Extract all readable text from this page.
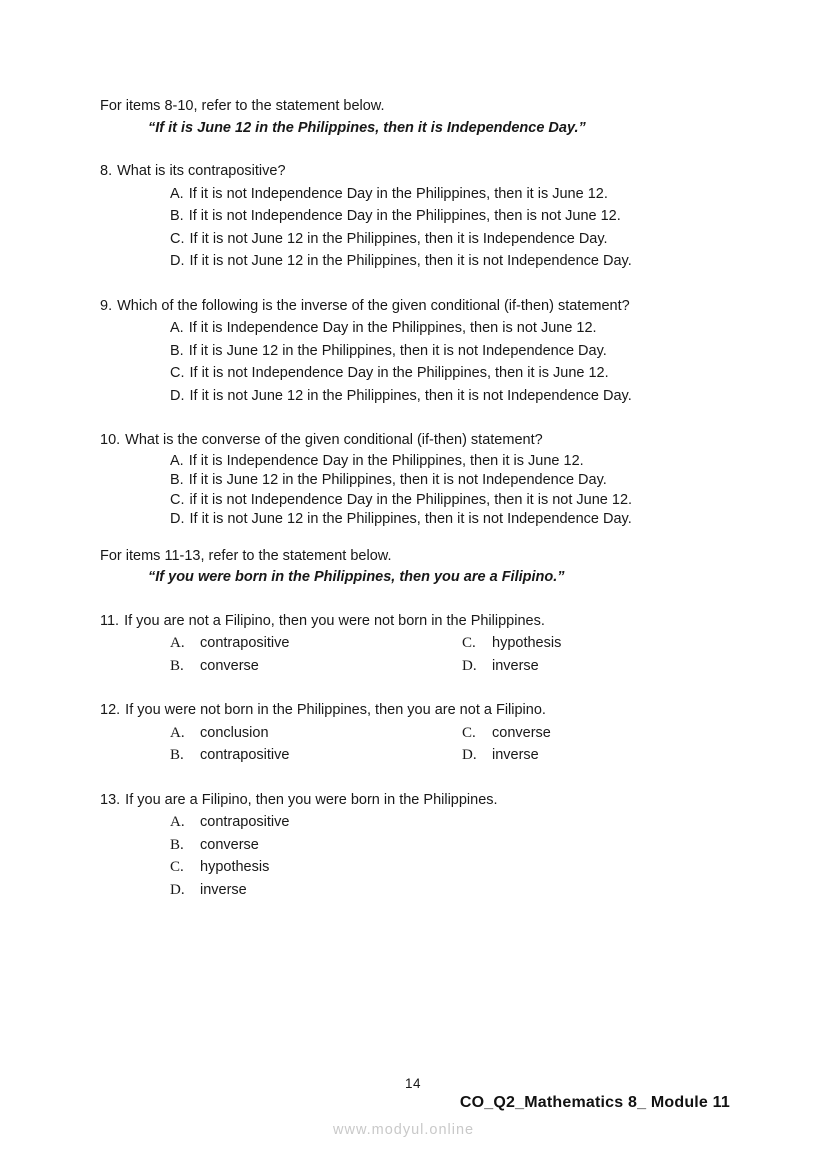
For items 8-10, refer to the statement below.

“If it is June 12 in the Philippines, then it is Independence Day.”

8. What is its contrapositive?

A. If it is not Independence Day in the Philippines, then it is June 12.

B. If it is not Independence Day in the Philippines, then is not June 12.

C. If it is not June 12 in the Philippines, then it is Independence Day.

D. If it is not June 12 in the Philippines, then it is not Independence Day.

9. Which of the following is the inverse of the given conditional (if-then) statement?

A. If it is Independence Day in the Philippines, then is not June 12.

B. If it is June 12 in the Philippines, then it is not Independence Day.

C. If it is not Independence Day in the Philippines, then it is June 12.

D. If it is not June 12 in the Philippines, then it is not Independence Day.

10. What is the converse of the given conditional (if-then) statement?

A. If it is Independence Day in the Philippines, then it is June 12.

B. If it is June 12 in the Philippines, then it is not Independence Day.

C. if it is not Independence Day in the Philippines, then it is not June 12.

D. If it is not June 12 in the Philippines, then it is not Independence Day.

For items 11-13, refer to the statement below.

“If you were born in the Philippines, then you are a Filipino.”

11. If you are not a Filipino, then you were not born in the Philippines.

A. contrapositive	C. hypothesis
B. converse	D. inverse

12. If you were not born in the Philippines, then you are not a Filipino.

A. conclusion	C. converse
B. contrapositive	D. inverse

13. If you are a Filipino, then you were born in the Philippines.

A. contrapositive

B. converse

C. hypothesis

D. inverse

14
CO_Q2_Mathematics 8_ Module 11
www.modyul.online
